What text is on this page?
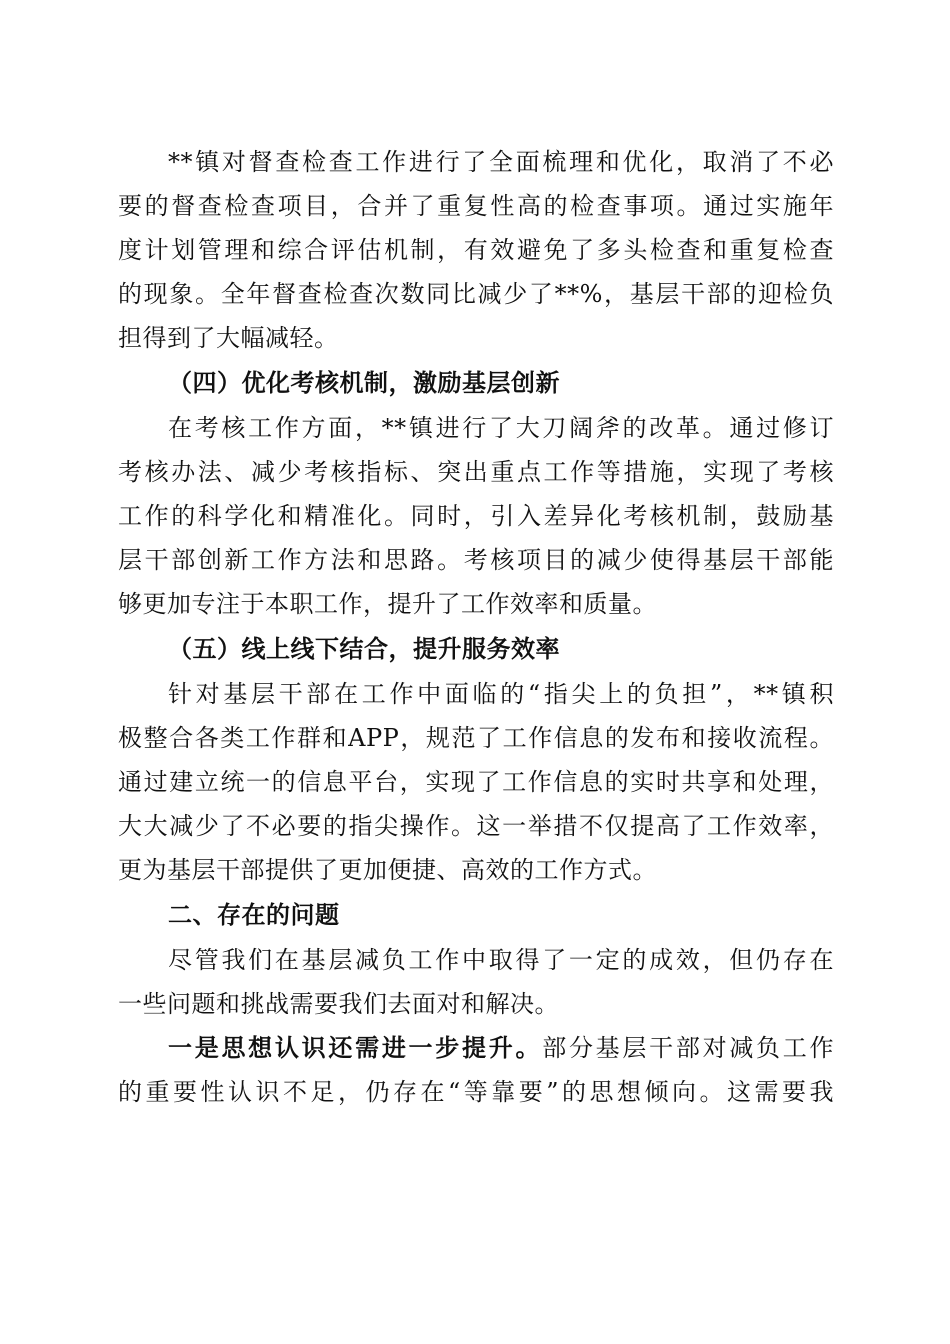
**镇对督查检查工作进行了全面梳理和优化，取消了不必
要的督查检查项目，合并了重复性高的检查事项。通过实施年
度计划管理和综合评估机制，有效避免了多头检查和重复检查
的现象。全年督查检查次数同比减少了**%，基层干部的迎检负
担得到了大幅减轻。
（四）优化考核机制，激励基层创新
在考核工作方面，**镇进行了大刀阔斧的改革。通过修订
考核办法、减少考核指标、突出重点工作等措施，实现了考核
工作的科学化和精准化。同时，引入差异化考核机制，鼓励基
层干部创新工作方法和思路。考核项目的减少使得基层干部能
够更加专注于本职工作，提升了工作效率和质量。
（五）线上线下结合，提升服务效率
针对基层干部在工作中面临的“指尖上的负担”，**镇积
极整合各类工作群和APP，规范了工作信息的发布和接收流程。
通过建立统一的信息平台，实现了工作信息的实时共享和处理，
大大减少了不必要的指尖操作。这一举措不仅提高了工作效率，
更为基层干部提供了更加便捷、高效的工作方式。
二、存在的问题
尽管我们在基层减负工作中取得了一定的成效，但仍存在
一些问题和挑战需要我们去面对和解决。
一是思想认识还需进一步提升。部分基层干部对减负工作
的重要性认识不足，仍存在“等靠要”的思想倾向。这需要我
